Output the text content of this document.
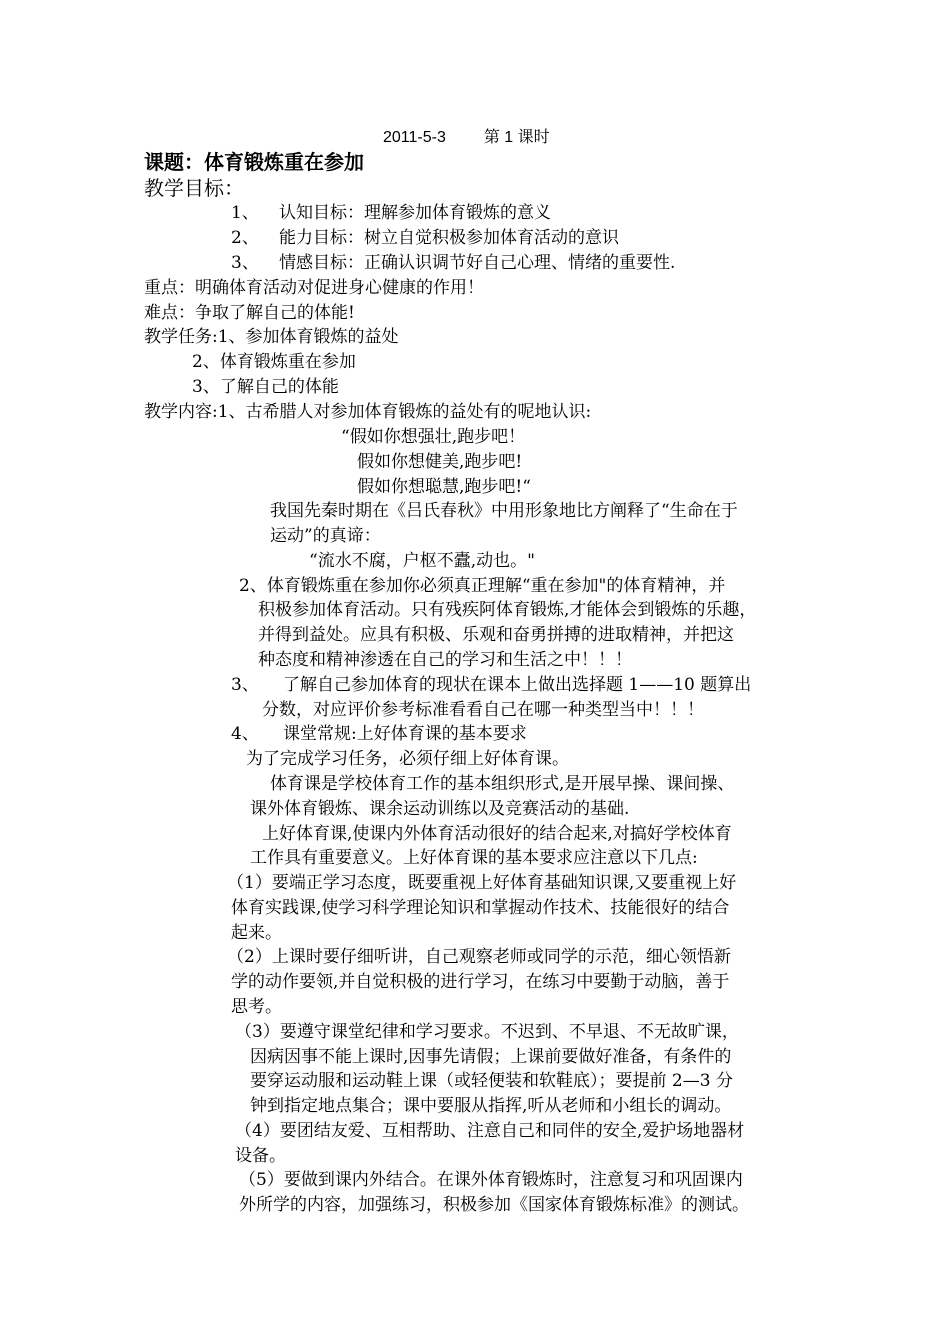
2011-5-3 第 1 课时
课题：体育锻炼重在参加
教学目标：
1、 认知目标：理解参加体育锻炼的意义
2、 能力目标：树立自觉积极参加体育活动的意识
3、 情感目标：正确认识调节好自己心理、情绪的重要性.
重点：明确体育活动对促进身心健康的作用！
难点：争取了解自己的体能!
教学任务:1、参加体育锻炼的益处
2、体育锻炼重在参加
3、了解自己的体能
教学内容:1、古希腊人对参加体育锻炼的益处有的呢地认识:
“假如你想强壮,跑步吧！
假如你想健美,跑步吧!
假如你想聪慧,跑步吧!“
我国先秦时期在《吕氏春秋》中用形象地比方阐释了“生命在于
运动”的真谛：
“流水不腐，户枢不蠹,动也。"
2、体育锻炼重在参加你必须真正理解“重在参加"的体育精神，并
积极参加体育活动。只有残疾阿体育锻炼,才能体会到锻炼的乐趣，
并得到益处。应具有积极、乐观和奋勇拼搏的进取精神，并把这
种态度和精神渗透在自己的学习和生活之中！！！
3、 了解自己参加体育的现状在课本上做出选择题 1——10 题算出
分数，对应评价参考标准看看自己在哪一种类型当中！！！
4、 课堂常规:上好体育课的基本要求
为了完成学习任务，必须仔细上好体育课。
体育课是学校体育工作的基本组织形式,是开展早操、课间操、
课外体育锻炼、课余运动训练以及竞赛活动的基础.
上好体育课,使课内外体育活动很好的结合起来,对搞好学校体育
工作具有重要意义。上好体育课的基本要求应注意以下几点:
（1）要端正学习态度，既要重视上好体育基础知识课,又要重视上好
体育实践课,使学习科学理论知识和掌握动作技术、技能很好的结合
起来。
（2）上课时要仔细听讲，自己观察老师或同学的示范，细心领悟新
学的动作要领,并自觉积极的进行学习，在练习中要勤于动脑，善于
思考。
（3）要遵守课堂纪律和学习要求。不迟到、不早退、不无故旷课，
因病因事不能上课时,因事先请假；上课前要做好准备，有条件的
要穿运动服和运动鞋上课（或轻便装和软鞋底）；要提前 2—3 分
钟到指定地点集合；课中要服从指挥,听从老师和小组长的调动。
（4）要团结友爱、互相帮助、注意自己和同伴的安全,爱护场地器材
设备。
（5）要做到课内外结合。在课外体育锻炼时，注意复习和巩固课内
外所学的内容，加强练习，积极参加《国家体育锻炼标准》的测试。
